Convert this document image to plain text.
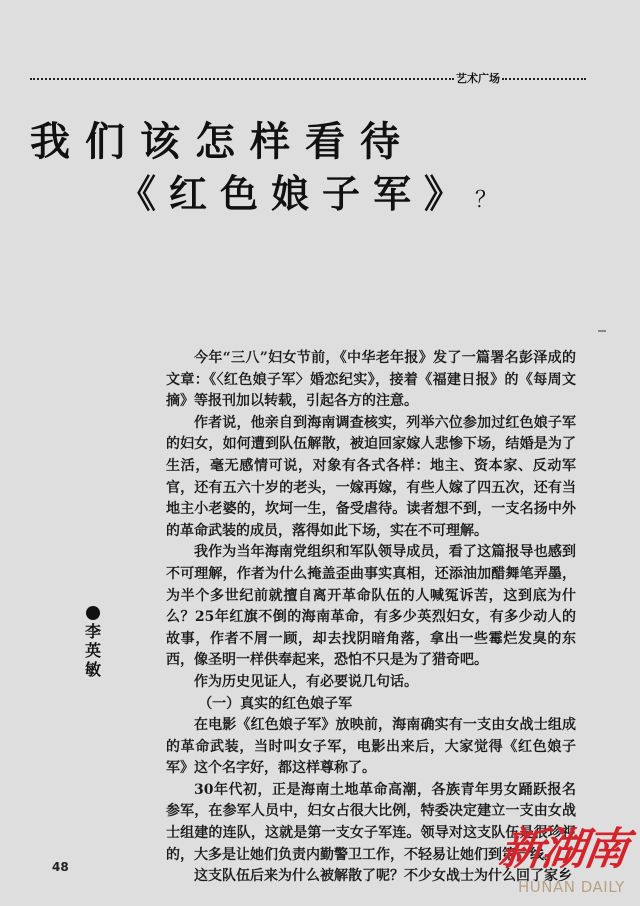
艺术广场
我们该怎样看待
《红色娘子军》？
李
英
敏

今年“三八”妇女节前，《中华老年报》发了一篇署名彭泽成的文章：《〈红色娘子军〉婚恋纪实》，接着《福建日报》的《每周文摘》等报刊加以转载，引起各方的注意。

作者说，他亲自到海南调查核实，列举六位参加过红色娘子军的妇女，如何遭到队伍解散，被迫回家嫁人悲惨下场，结婚是为了生活，毫无感情可说，对象有各式各样：地主、资本家、反动军官，还有五六十岁的老头，一嫁再嫁，有些人嫁了四五次，还有当地主小老婆的，坎坷一生，备受虐待。读者想不到，一支名扬中外的革命武装的成员，落得如此下场，实在不可理解。

我作为当年海南党组织和军队领导成员，看了这篇报导也感到不可理解，作者为什么掩盖歪曲事实真相，还添油加醋舞笔弄墨，为半个多世纪前就擅自离开革命队伍的人喊冤诉苦，这到底为什么？25年红旗不倒的海南革命，有多少英烈妇女，有多少动人的故事，作者不屑一顾，却去找阴暗角落，拿出一些霉烂发臭的东西，像圣明一样供奉起来，恐怕不只是为了猎奇吧。

作为历史见证人，有必要说几句话。

（一）真实的红色娘子军

在电影《红色娘子军》放映前，海南确实有一支由女战士组成的革命武装，当时叫女子军，电影出来后，大家觉得《红色娘子军》这个名字好，都这样尊称了。

30年代初，正是海南土地革命高潮，各族青年男女踊跃报名参军，在参军人员中，妇女占很大比例，特委决定建立一支由女战士组建的连队，这就是第一支女子军连。领导对这支队伍是很珍视的，大多是让她们负责内勤警卫工作，不轻易让她们到第一线。

这支队伍后来为什么被解散了呢？不少女战士为什么回了家乡

48	新湖南
HUNAN DAILY
